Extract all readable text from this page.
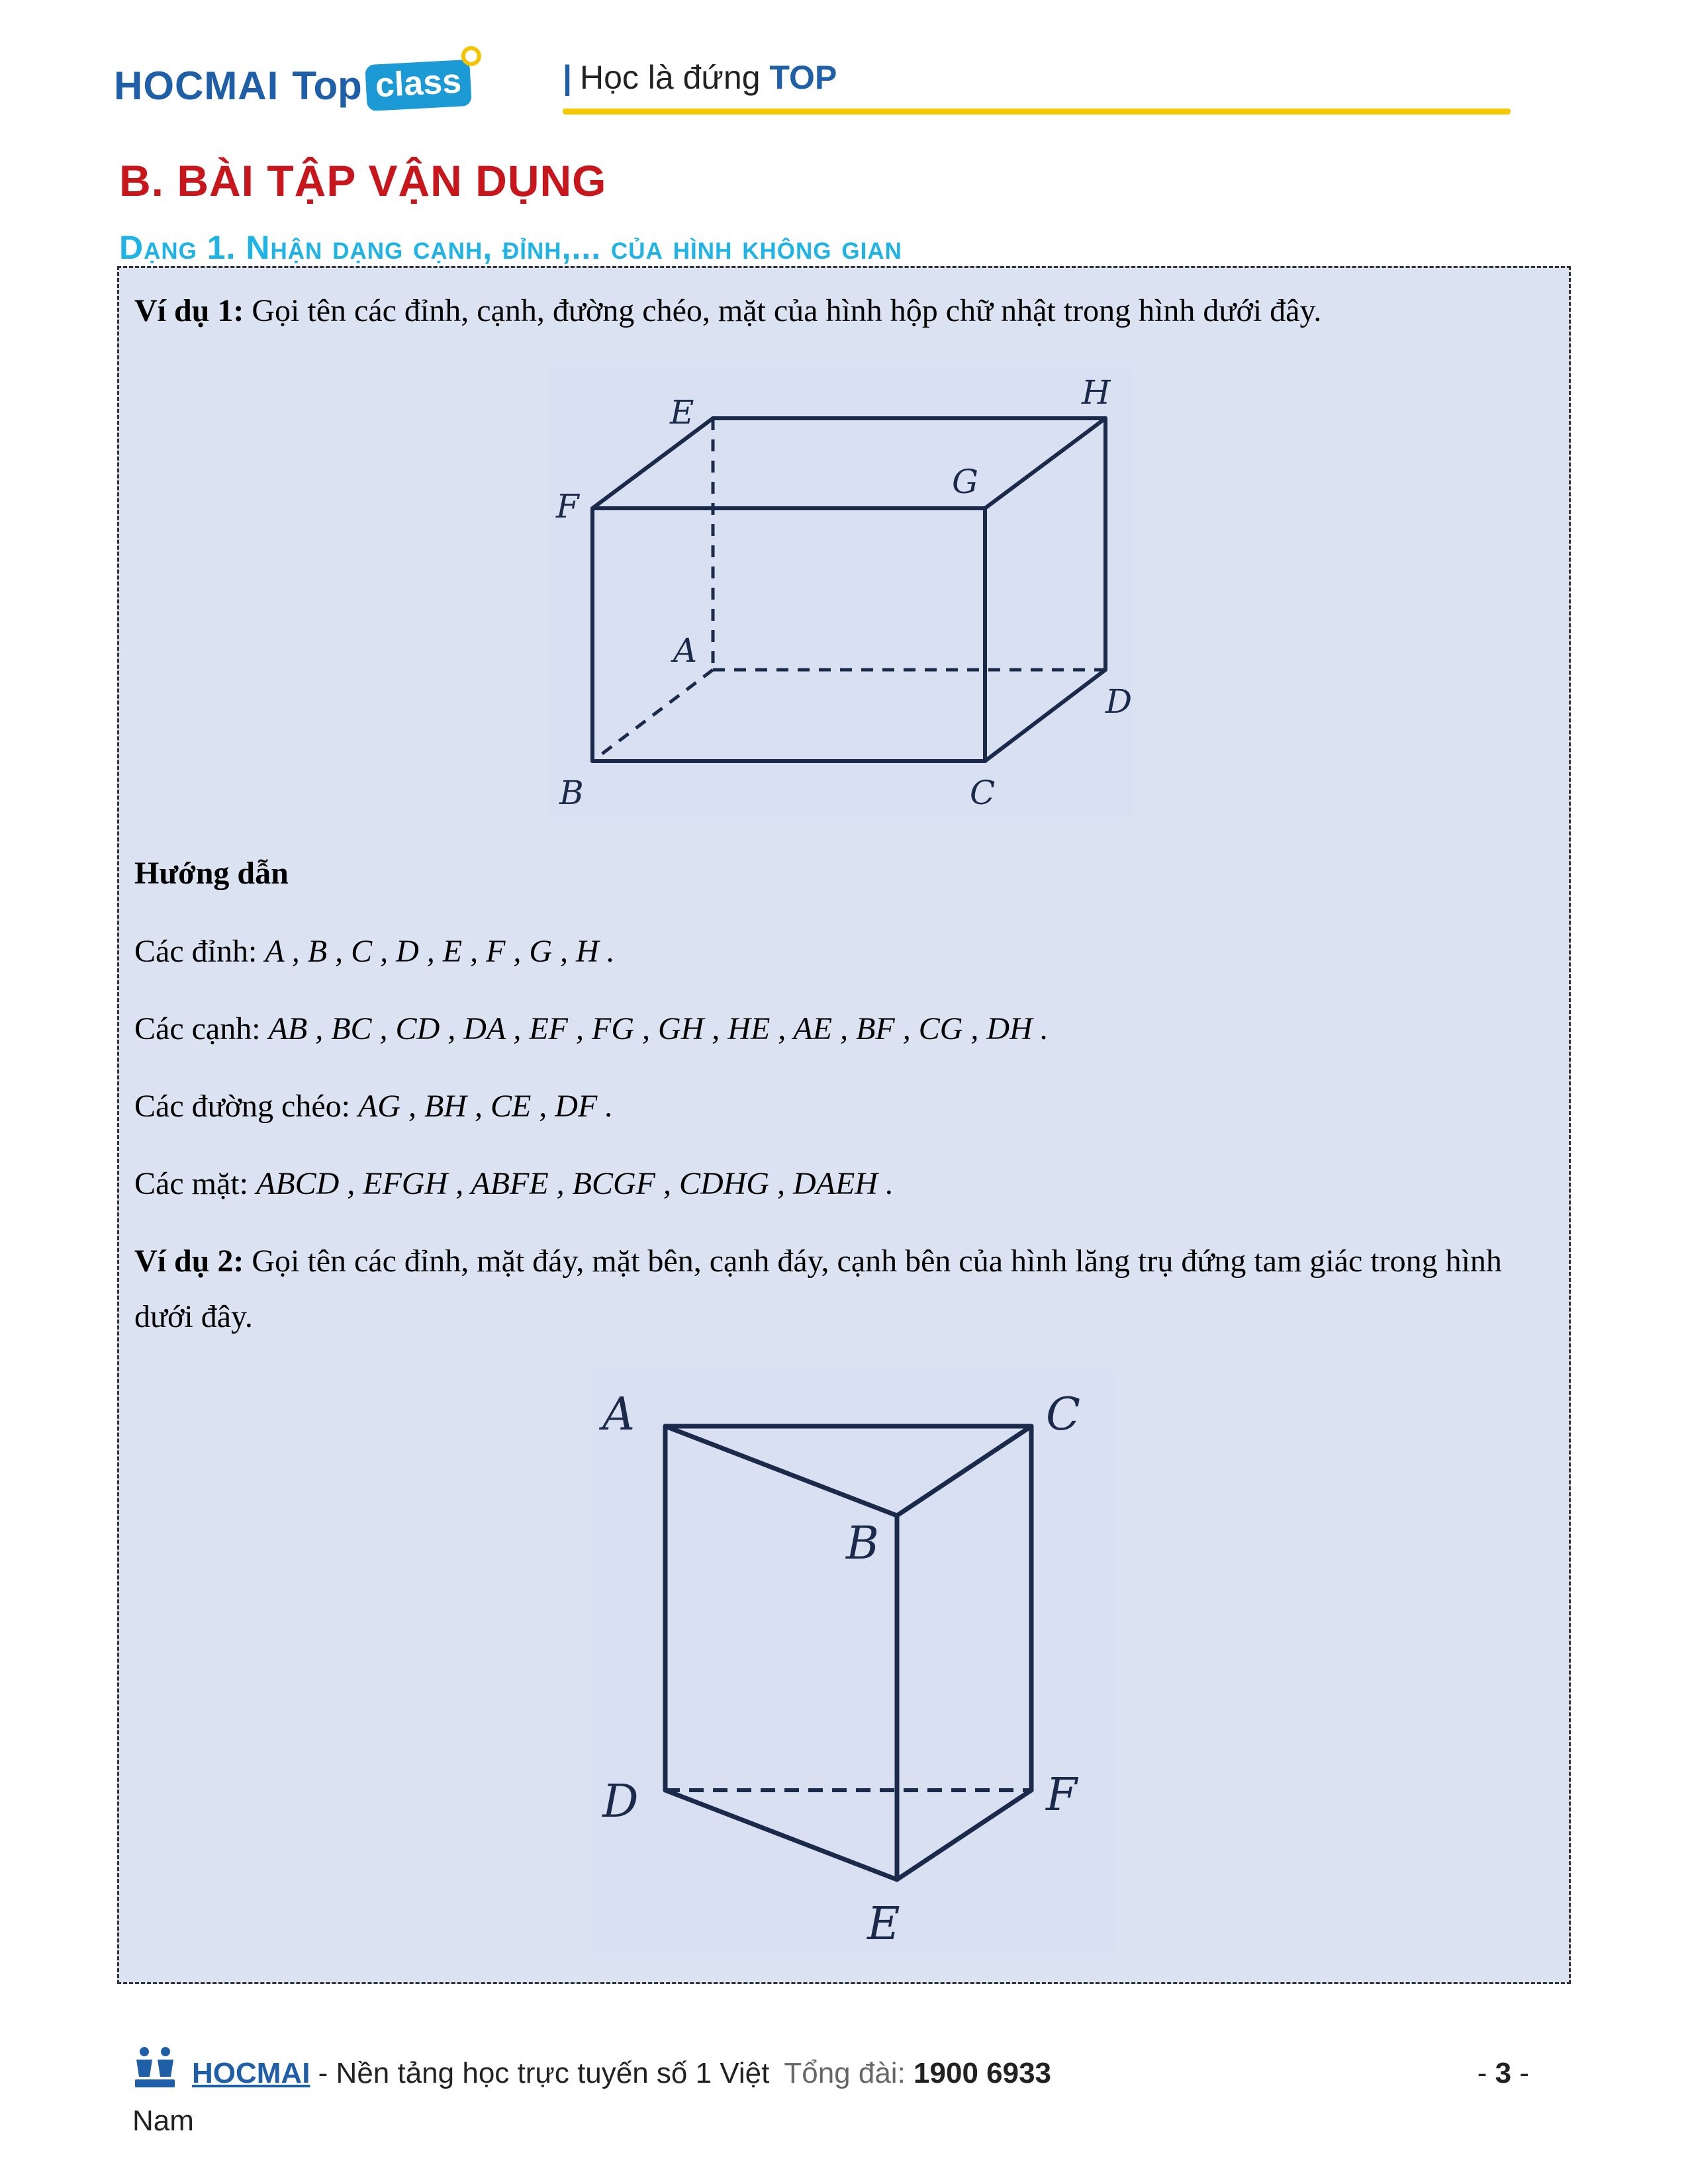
HOCMAI Top class	| Học là đứng TOP
B. BÀI TẬP VẬN DỤNG
Dạng 1. Nhận dạng cạnh, đỉnh,... của hình không gian
Ví dụ 1: Gọi tên các đỉnh, cạnh, đường chéo, mặt của hình hộp chữ nhật trong hình dưới đây.
E
H
F
G
A
D
B	C
Hướng dẫn
Các đỉnh: A , B , C , D , E , F , G , H .
Các cạnh: AB , BC , CD , DA , EF , FG , GH , HE , AE , BF , CG , DH .
Các đường chéo: AG , BH , CE , DF .
Các mặt: ABCD , EFGH , ABFE , BCGF , CDHG , DAEH .
Ví dụ 2: Gọi tên các đỉnh, mặt đáy, mặt bên, cạnh đáy, cạnh bên của hình lăng trụ đứng tam giác trong hình
dưới đây.
A	C
B
D	F
E
HOCMAI - Nền tảng học trực tuyến số 1 Việt Tổng đài: 1900 6933
Nam
- 3 -
